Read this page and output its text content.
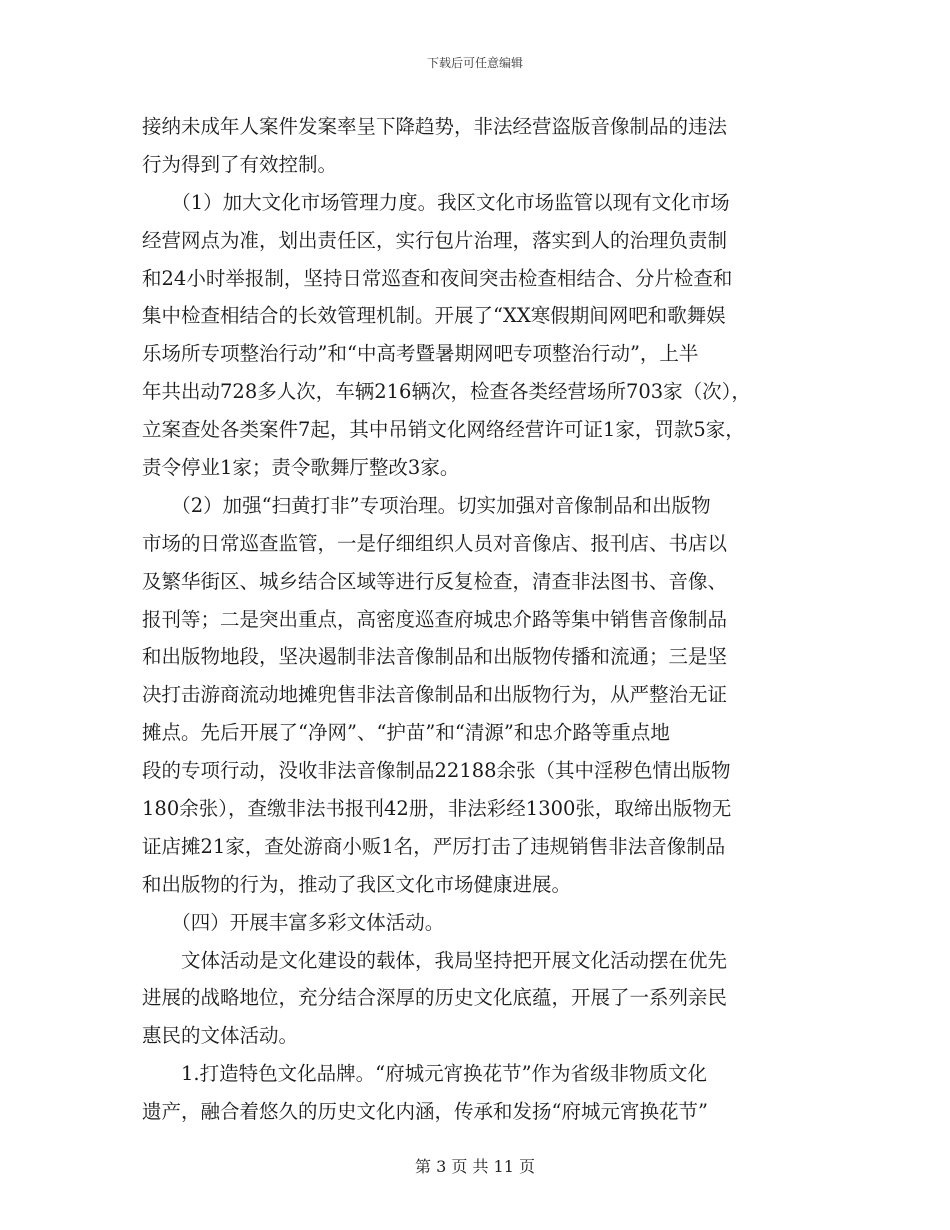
下载后可任意编辑
接纳未成年人案件发案率呈下降趋势，非法经营盗版音像制品的违法
行为得到了有效控制。
　　（1）加大文化市场管理力度。我区文化市场监管以现有文化市场
经营网点为准，划出责任区，实行包片治理，落实到人的治理负责制
和24小时举报制，坚持日常巡查和夜间突击检查相结合、分片检查和
集中检查相结合的长效管理机制。开展了“XX寒假期间网吧和歌舞娱
乐场所专项整治行动”和“中高考暨暑期网吧专项整治行动”，上半
年共出动728多人次，车辆216辆次，检查各类经营场所703家（次），
立案查处各类案件7起，其中吊销文化网络经营许可证1家，罚款5家，
责令停业1家；责令歌舞厅整改3家。
　　（2）加强“扫黄打非”专项治理。切实加强对音像制品和出版物
市场的日常巡查监管，一是仔细组织人员对音像店、报刊店、书店以
及繁华街区、城乡结合区域等进行反复检查，清查非法图书、音像、
报刊等；二是突出重点，高密度巡查府城忠介路等集中销售音像制品
和出版物地段，坚决遏制非法音像制品和出版物传播和流通；三是坚
决打击游商流动地摊兜售非法音像制品和出版物行为，从严整治无证
摊点。先后开展了“净网”、“护苗”和“清源”和忠介路等重点地
段的专项行动，没收非法音像制品22188余张（其中淫秽色情出版物
180余张），查缴非法书报刊42册，非法彩经1300张，取缔出版物无
证店摊21家，查处游商小贩1名，严厉打击了违规销售非法音像制品
和出版物的行为，推动了我区文化市场健康进展。
　　（四）开展丰富多彩文体活动。
　　文体活动是文化建设的载体，我局坚持把开展文化活动摆在优先
进展的战略地位，充分结合深厚的历史文化底蕴，开展了一系列亲民
惠民的文体活动。
　　1.打造特色文化品牌。“府城元宵换花节”作为省级非物质文化
遗产，融合着悠久的历史文化内涵，传承和发扬“府城元宵换花节”
第 3 页 共 11 页
